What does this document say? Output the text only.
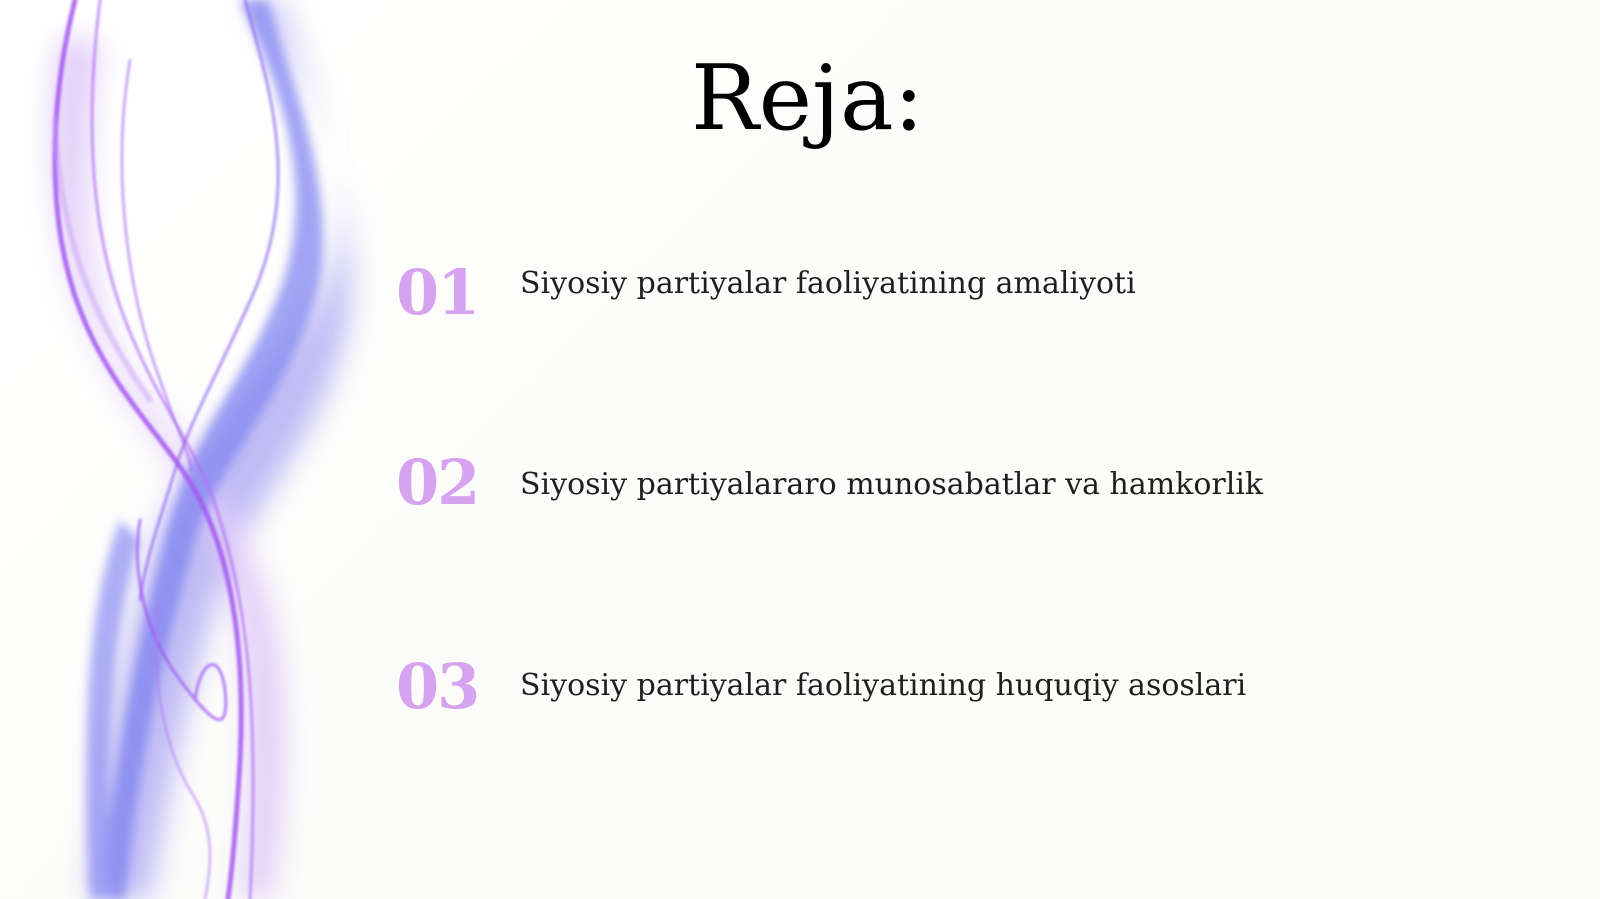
Reja:
01 Siyosiy partiyalar faoliyatining amaliyoti
02 Siyosiy partiyalararo munosabatlar va hamkorlik
03 Siyosiy partiyalar faoliyatining huquqiy asoslari
